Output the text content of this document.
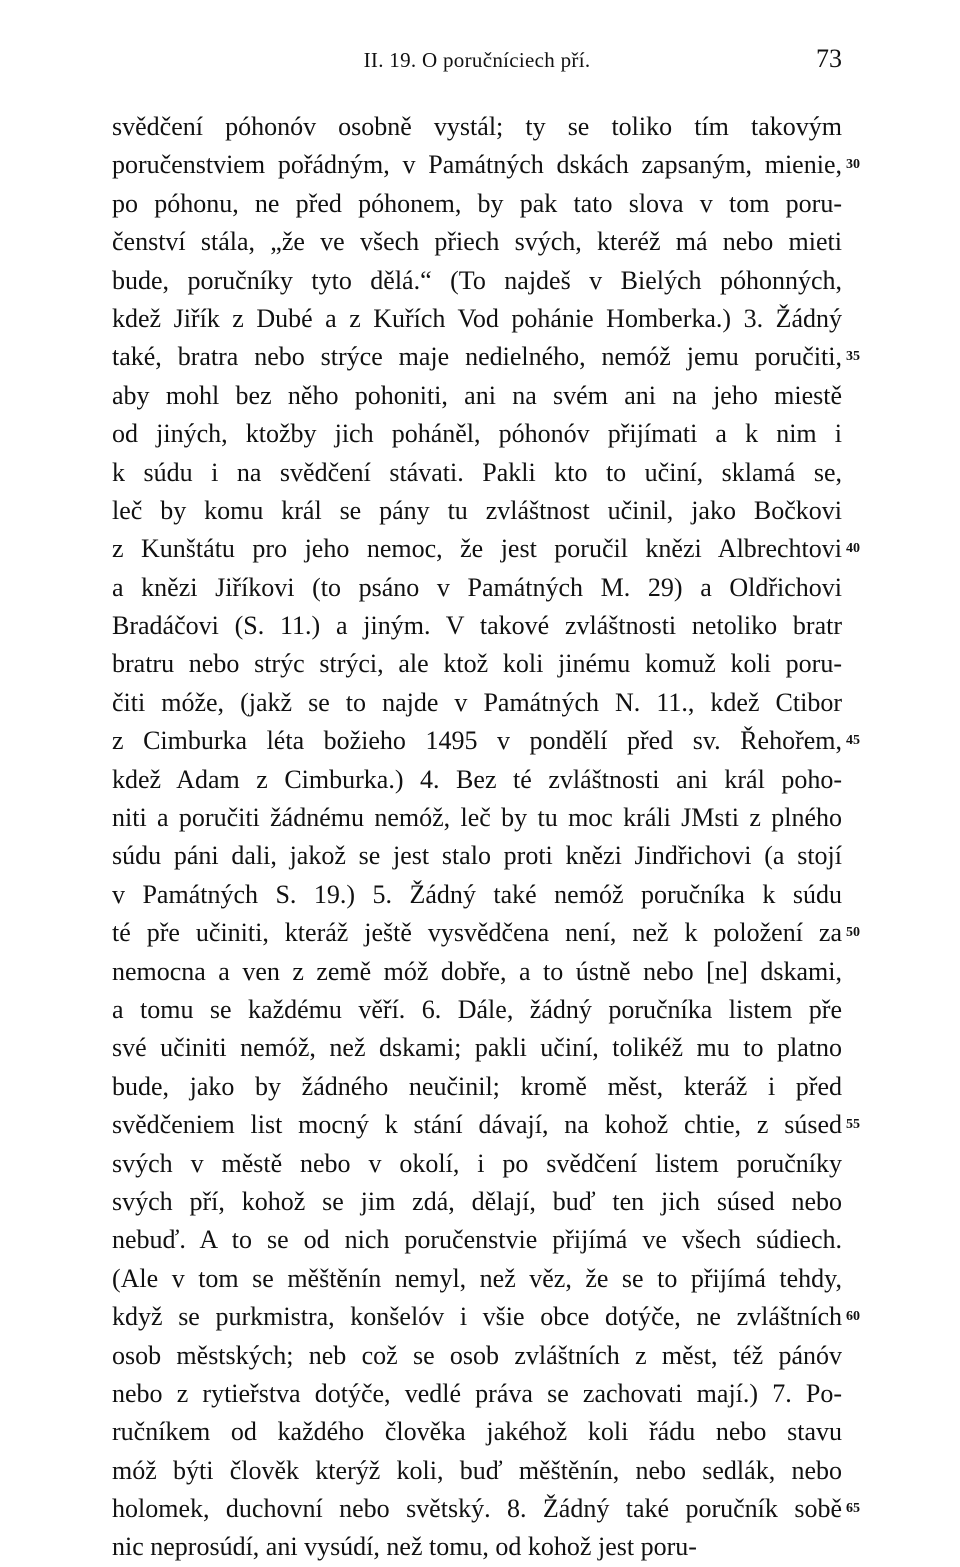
II. 19. O poručníciech pří.	73
svědčení póhonóv osobně vystál; ty se toliko tím takovým
poručenstviem pořádným, v Památných dskách zapsaným, mienie, 30
po póhonu, ne před póhonem, by pak tato slova v tom poru-
čenství stála, „že ve všech přiech svých, kteréž má nebo mieti
bude, poručníky tyto dělá.“ (To najdeš v Bielých póhonných,
kdež Jiřík z Dubé a z Kuřích Vod pohánie Homberka.) 3. Žádný
také, bratra nebo strýce maje nedielného, nemóž jemu poručiti, 35
aby mohl bez něho pohoniti, ani na svém ani na jeho miestě
od jiných, ktožby jich poháněl, póhonóv přijímati a k nim i
k súdu i na svědčení stávati. Pakli kto to učiní, sklamá se,
leč by komu král se pány tu zvláštnost učinil, jako Bočkovi
z Kunštátu pro jeho nemoc, že jest poručil knězi Albrechtovi 40
a knězi Jiříkovi (to psáno v Památných M. 29) a Oldřichovi
Bradáčovi (S. 11.) a jiným. V takové zvláštnosti netoliko bratr
bratru nebo strýc strýci, ale ktož koli jinému komuž koli poru-
čiti móže, (jakž se to najde v Památných N. 11., kdež Ctibor
z Cimburka léta božieho 1495 v pondělí před sv. Řehořem, 45
kdež Adam z Cimburka.) 4. Bez té zvláštnosti ani král poho-
niti a poručiti žádnému nemóž, leč by tu moc králi JMsti z plného
súdu páni dali, jakož se jest stalo proti knězi Jindřichovi (a stojí
v Památných S. 19.) 5. Žádný také nemóž poručníka k súdu
té pře učiniti, kteráž ještě vysvědčena není, než k položení za 50
nemocna a ven z země móž dobře, a to ústně nebo [ne] dskami,
a tomu se každému věří. 6. Dále, žádný poručníka listem pře
své učiniti nemóž, než dskami; pakli učiní, tolikéž mu to platno
bude, jako by žádného neučinil; kromě měst, kteráž i před
svědčeniem list mocný k stání dávají, na kohož chtie, z súsed 55
svých v městě nebo v okolí, i po svědčení listem poručníky
svých pří, kohož se jim zdá, dělají, buď ten jich súsed nebo
nebuď. A to se od nich poručenstvie přijímá ve všech súdiech.
(Ale v tom se měštěnín nemyl, než věz, že se to přijímá tehdy,
když se purkmistra, konšelóv i všie obce dotýče, ne zvláštních 60
osob městských; neb což se osob zvláštních z měst, též pánóv
nebo z rytieřstva dotýče, vedlé práva se zachovati mají.) 7. Po-
ručníkem od každého člověka jakéhož koli řádu nebo stavu
móž býti člověk kterýž koli, buď měštěnín, nebo sedlák, nebo
holomek, duchovní nebo světský. 8. Žádný také poručník sobě 65
nic neprosúdí, ani vysúdí, než tomu, od kohož jest poru-
